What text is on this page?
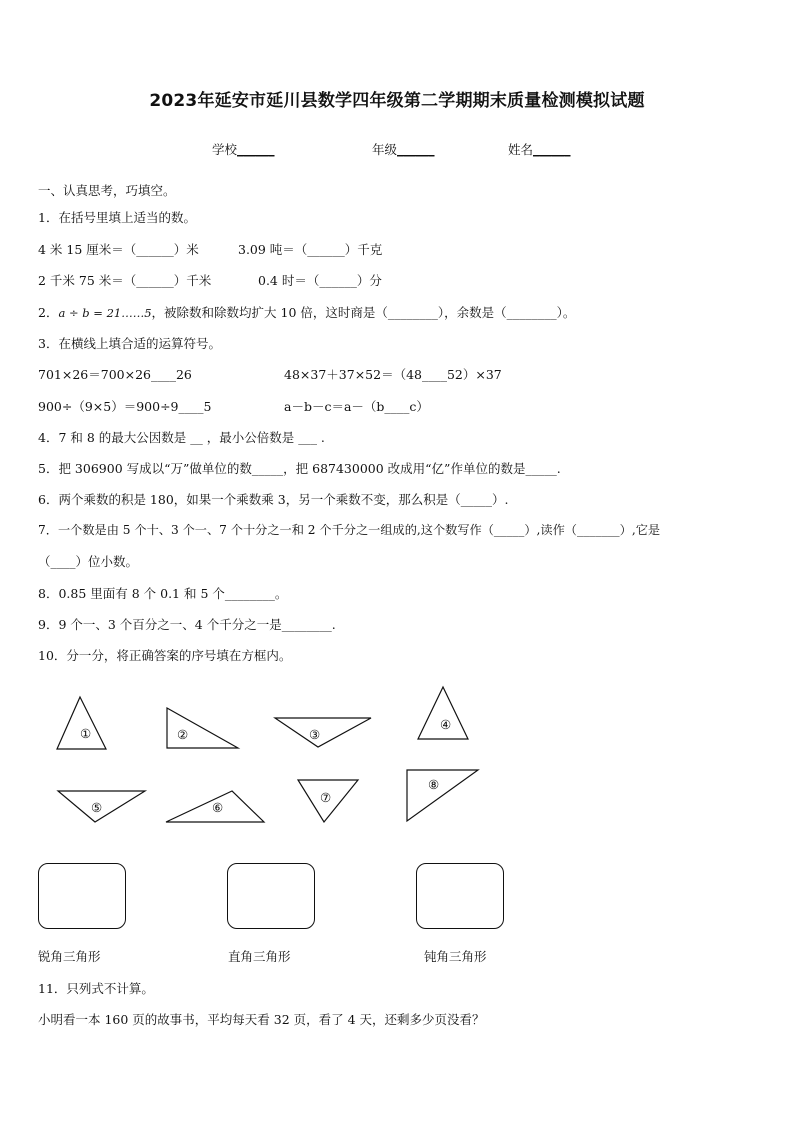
2023年延安市延川县数学四年级第二学期期末质量检测模拟试题
学校______	年级______	姓名______
一、认真思考，巧填空。
1．在括号里填上适当的数。
4 米 15 厘米＝（______）米	3.09 吨＝（______）千克
2 千米 75 米＝（______）千米	0.4 时＝（______）分
2．a ÷ b = 21……5，被除数和除数均扩大 10 倍，这时商是（________），余数是（________）。
3．在横线上填合适的运算符号。
701×26＝700×26____26	48×37＋37×52＝（48____52）×37
900÷（9×5）＝900÷9____5	a－b－c＝a－（b____c）
4．7 和 8 的最大公因数是 __ ，最小公倍数是 ___ .
5．把 306900 写成以“万”做单位的数_____，把 687430000 改成用“亿”作单位的数是_____.
6．两个乘数的积是 180，如果一个乘数乘 3，另一个乘数不变，那么积是（_____）.
7．一个数是由 5 个十、3 个一、7 个十分之一和 2 个千分之一组成的,这个数写作（_____）,读作（_______）,它是
（____）位小数。
8．0.85 里面有 8 个 0.1 和 5 个________。
9．9 个一、3 个百分之一、4 个千分之一是________.
10．分一分，将正确答案的序号填在方框内。
①	②	③
④
⑤	⑥
⑦
⑧
锐角三角形	直角三角形	钝角三角形
11．只列式不计算。
小明看一本 160 页的故事书，平均每天看 32 页，看了 4 天，还剩多少页没看？
